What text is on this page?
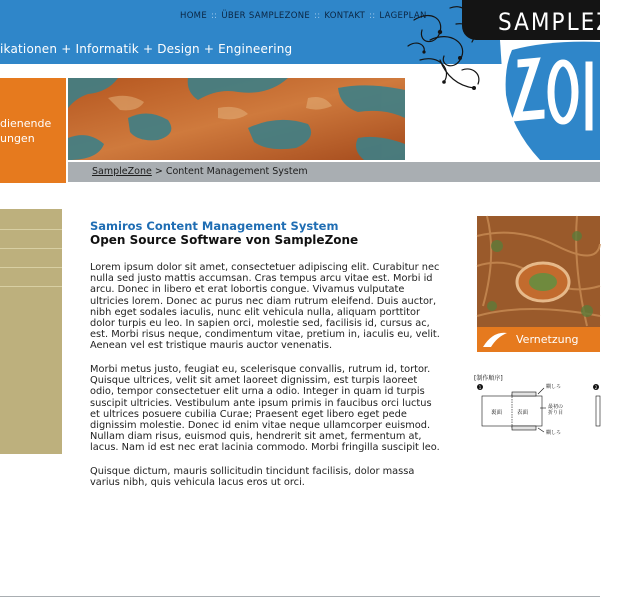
HOME :: ÜBER SAMPLEZONE :: KONTAKT :: LAGEPLAN
ikationen + Informatik + Design + Engineering
SAMPLEZO
dienende
ungen
SampleZone > Content Management System
Samiros Content Management System
Open Source Software von SampleZone
Lorem ipsum dolor sit amet, consectetuer adipiscing elit. Curabitur nec nulla sed justo mattis accumsan. Cras tempus arcu vitae est. Morbi id arcu. Donec in libero et erat lobortis congue. Vivamus vulputate ultricies lorem. Donec ac purus nec diam rutrum eleifend. Duis auctor, nibh eget sodales iaculis, nunc elit vehicula nulla, aliquam porttitor dolor turpis eu leo. In sapien orci, molestie sed, facilisis id, cursus ac, est. Morbi risus neque, condimentum vitae, pretium in, iaculis eu, velit. Aenean vel est tristique mauris auctor venenatis.
Morbi metus justo, feugiat eu, scelerisque convallis, rutrum id, tortor. Quisque ultrices, velit sit amet laoreet dignissim, est turpis laoreet odio, tempor consectetuer elit urna a odio. Integer in quam id turpis suscipit ultricies. Vestibulum ante ipsum primis in faucibus orci luctus et ultrices posuere cubilia Curae; Praesent eget libero eget pede dignissim molestie. Donec id enim vitae neque ullamcorper euismod. Nullam diam risus, euismod quis, hendrerit sit amet, fermentum at, lacus. Nam id est nec erat lacinia commodo. Morbi fringilla suscipit leo.
Quisque dictum, mauris sollicitudin tincidunt facilisis, dolor massa varius nibh, quis vehicula lacus eros ut orci.
Vernetzung
[制作順序]
1	2
裏面	表面
糊しろ
最初の
折り目
糊しろ
